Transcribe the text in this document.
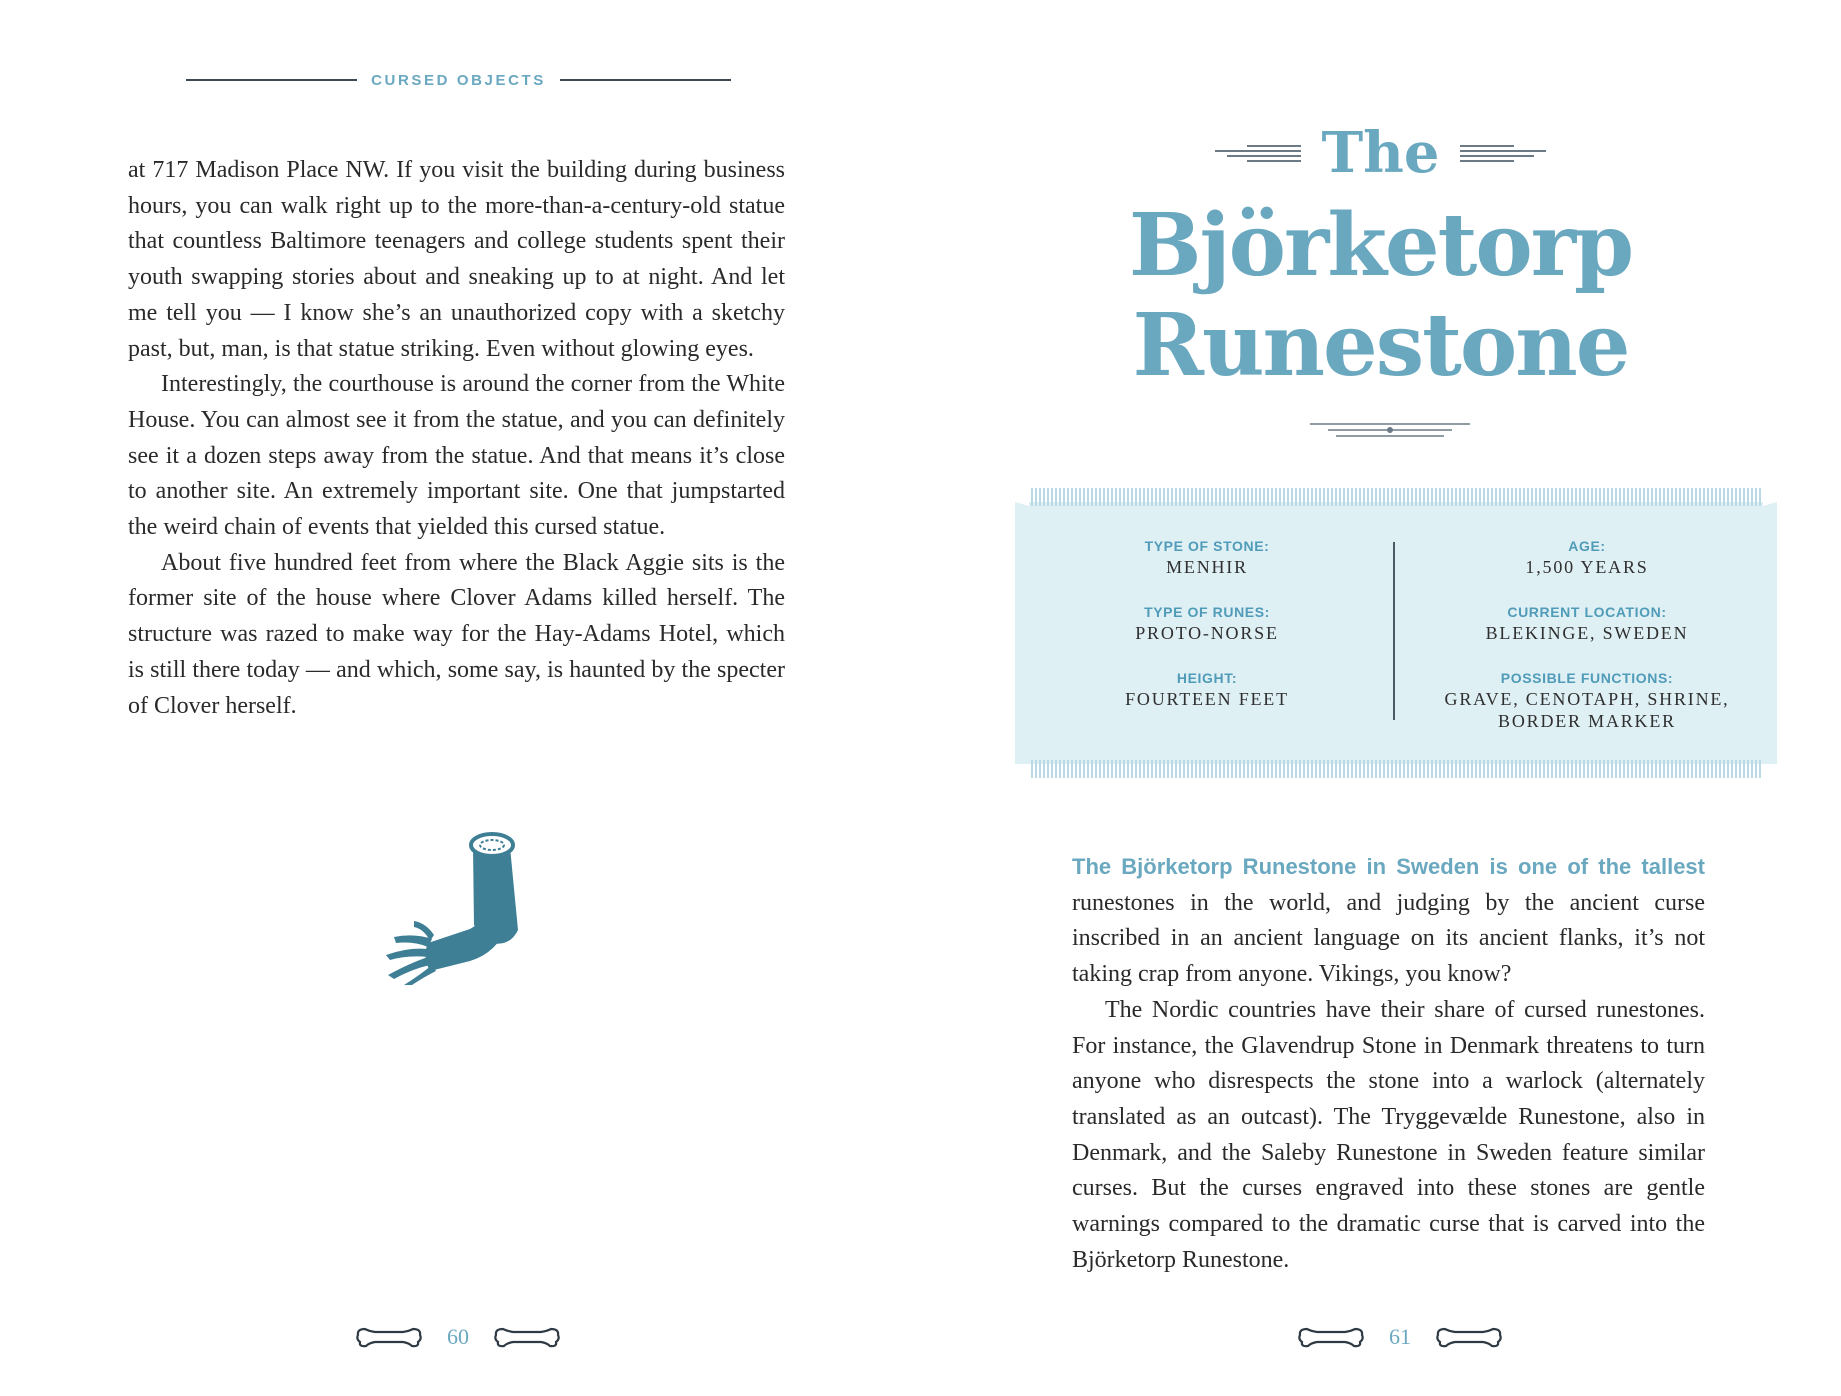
CURSED OBJECTS

at 717 Madison Place NW. If you visit the building during business hours, you can walk right up to the more-than-a-century-old statue that countless Baltimore teenagers and college students spent their youth swapping stories about and sneaking up to at night. And let me tell you — I know she’s an unauthorized copy with a sketchy past, but, man, is that statue striking. Even without glowing eyes.

Interestingly, the courthouse is around the corner from the White House. You can almost see it from the statue, and you can definitely see it a dozen steps away from the statue. And that means it’s close to another site. An extremely important site. One that jumpstarted the weird chain of events that yielded this cursed statue.

About five hundred feet from where the Black Aggie sits is the former site of the house where Clover Adams killed herself. The structure was razed to make way for the Hay-Adams Hotel, which is still there today — and which, some say, is haunted by the specter of Clover herself.

60
The
Björketorp
Runestone
TYPE OF STONE:
MENHIR
TYPE OF RUNES:
PROTO-NORSE
HEIGHT:
FOURTEEN FEET
AGE:
1,500 YEARS
CURRENT LOCATION:
BLEKINGE, SWEDEN
POSSIBLE FUNCTIONS:
GRAVE, CENOTAPH, SHRINE, BORDER MARKER

The Björketorp Runestone in Sweden is one of the tallest runestones in the world, and judging by the ancient curse inscribed in an ancient language on its ancient flanks, it’s not taking crap from anyone. Vikings, you know?

The Nordic countries have their share of cursed runestones. For instance, the Glavendrup Stone in Denmark threatens to turn anyone who disrespects the stone into a warlock (alternately translated as an outcast). The Tryggevælde Runestone, also in Denmark, and the Saleby Runestone in Sweden feature similar curses. But the curses engraved into these stones are gentle warnings compared to the dramatic curse that is carved into the Björketorp Runestone.

61
